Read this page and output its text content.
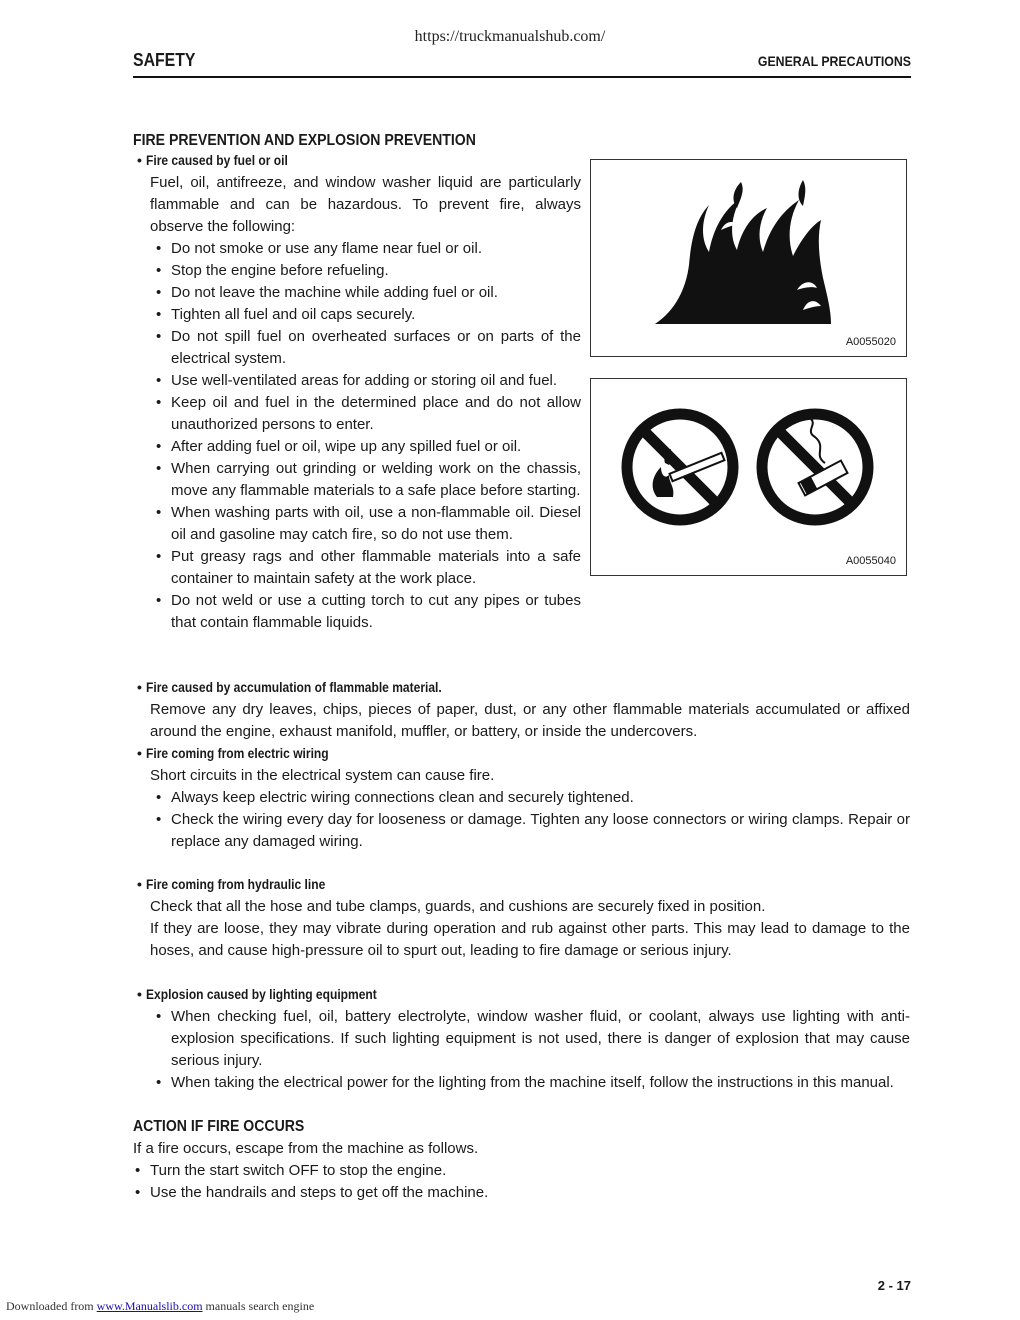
https://truckmanualshub.com/
SAFETY	GENERAL PRECAUTIONS
FIRE PREVENTION AND EXPLOSION PREVENTION
• Fire caused by fuel or oil
Fuel, oil, antifreeze, and window washer liquid are particularly flammable and can be hazardous. To prevent fire, always observe the following:
• Do not smoke or use any flame near fuel or oil.
• Stop the engine before refueling.
• Do not leave the machine while adding fuel or oil.
• Tighten all fuel and oil caps securely.
• Do not spill fuel on overheated surfaces or on parts of the electrical system.
• Use well-ventilated areas for adding or storing oil and fuel.
• Keep oil and fuel in the determined place and do not allow unauthorized persons to enter.
• After adding fuel or oil, wipe up any spilled fuel or oil.
• When carrying out grinding or welding work on the chassis, move any flammable materials to a safe place before starting.
• When washing parts with oil, use a non-flammable oil. Diesel oil and gasoline may catch fire, so do not use them.
• Put greasy rags and other flammable materials into a safe container to maintain safety at the work place.
• Do not weld or use a cutting torch to cut any pipes or tubes that contain flammable liquids.
A0055020
A0055040
• Fire caused by accumulation of flammable material.
Remove any dry leaves, chips, pieces of paper, dust, or any other flammable materials accumulated or affixed around the engine, exhaust manifold, muffler, or battery, or inside the undercovers.
• Fire coming from electric wiring
Short circuits in the electrical system can cause fire.
• Always keep electric wiring connections clean and securely tightened.
• Check the wiring every day for looseness or damage. Tighten any loose connectors or wiring clamps. Repair or replace any damaged wiring.
• Fire coming from hydraulic line
Check that all the hose and tube clamps, guards, and cushions are securely fixed in position.
If they are loose, they may vibrate during operation and rub against other parts. This may lead to damage to the hoses, and cause high-pressure oil to spurt out, leading to fire damage or serious injury.
• Explosion caused by lighting equipment
• When checking fuel, oil, battery electrolyte, window washer fluid, or coolant, always use lighting with anti-explosion specifications. If such lighting equipment is not used, there is danger of explosion that may cause serious injury.
• When taking the electrical power for the lighting from the machine itself, follow the instructions in this manual.
ACTION IF FIRE OCCURS
If a fire occurs, escape from the machine as follows.
• Turn the start switch OFF to stop the engine.
• Use the handrails and steps to get off the machine.
2 - 17
Downloaded from www.Manualslib.com manuals search engine
